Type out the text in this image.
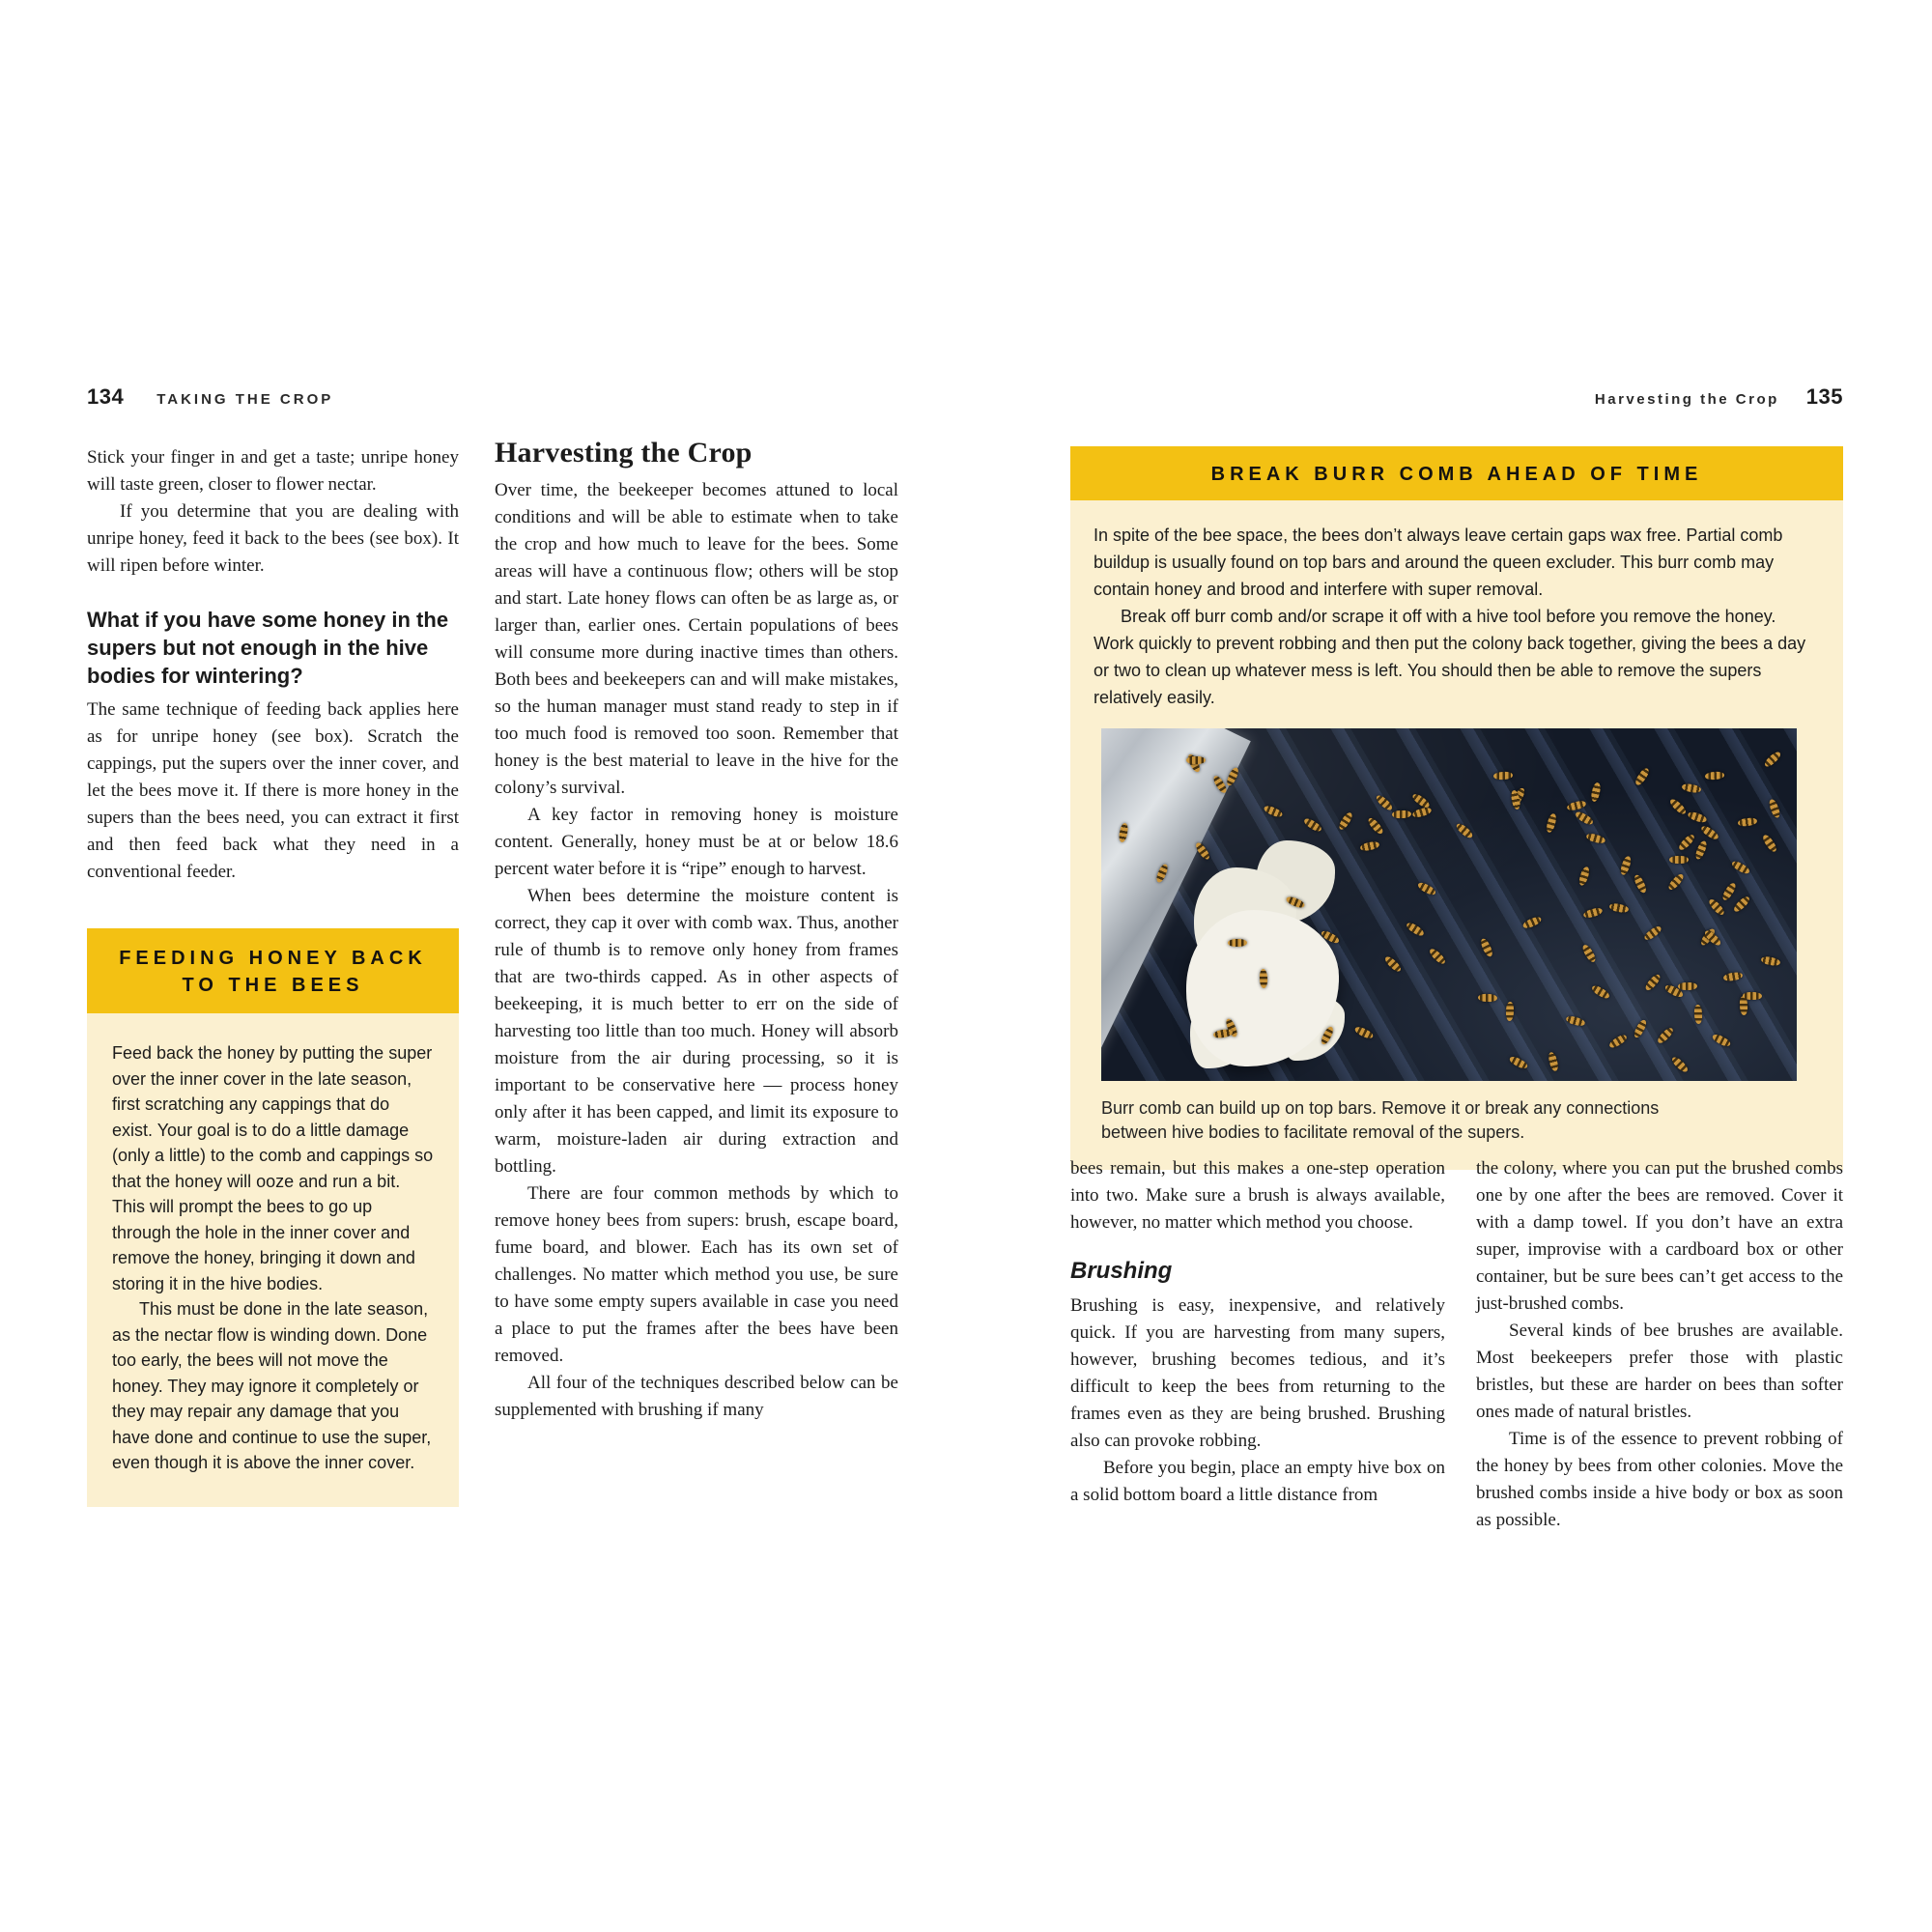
134 TAKING THE CROP	Harvesting the Crop 135

Stick your finger in and get a taste; unripe honey will taste green, closer to flower nectar.

If you determine that you are dealing with unripe honey, feed it back to the bees (see box). It will ripen before winter.

What if you have some honey in the supers but not enough in the hive bodies for wintering?

The same technique of feeding back applies here as for unripe honey (see box). Scratch the cappings, put the supers over the inner cover, and let the bees move it. If there is more honey in the supers than the bees need, you can extract it first and then feed back what they need in a conventional feeder.

FEEDING HONEY BACK
TO THE BEES

Feed back the honey by putting the super over the inner cover in the late season, first scratching any cappings that do exist. Your goal is to do a little damage (only a little) to the comb and cappings so that the honey will ooze and run a bit. This will prompt the bees to go up through the hole in the inner cover and remove the honey, bringing it down and storing it in the hive bodies.

This must be done in the late season, as the nectar flow is winding down. Done too early, the bees will not move the honey. They may ignore it completely or they may repair any damage that you have done and continue to use the super, even though it is above the inner cover.

Harvesting the Crop

Over time, the beekeeper becomes attuned to local conditions and will be able to estimate when to take the crop and how much to leave for the bees. Some areas will have a continuous flow; others will be stop and start. Late honey flows can often be as large as, or larger than, earlier ones. Certain populations of bees will consume more during inactive times than others. Both bees and beekeepers can and will make mistakes, so the human manager must stand ready to step in if too much food is removed too soon. Remember that honey is the best material to leave in the hive for the colony’s survival.

A key factor in removing honey is moisture content. Generally, honey must be at or below 18.6 percent water before it is “ripe” enough to harvest.

When bees determine the moisture content is correct, they cap it over with comb wax. Thus, another rule of thumb is to remove only honey from frames that are two-thirds capped. As in other aspects of beekeeping, it is much better to err on the side of harvesting too little than too much. Honey will absorb moisture from the air during processing, so it is important to be conservative here — process honey only after it has been capped, and limit its exposure to warm, moisture-laden air during extraction and bottling.

There are four common methods by which to remove honey bees from supers: brush, escape board, fume board, and blower. Each has its own set of challenges. No matter which method you use, be sure to have some empty supers available in case you need a place to put the frames after the bees have been removed.

All four of the techniques described below can be supplemented with brushing if many

BREAK BURR COMB AHEAD OF TIME

In spite of the bee space, the bees don’t always leave certain gaps wax free. Partial comb buildup is usually found on top bars and around the queen excluder. This burr comb may contain honey and brood and interfere with super removal.

Break off burr comb and/or scrape it off with a hive tool before you remove the honey. Work quickly to prevent robbing and then put the colony back together, giving the bees a day or two to clean up whatever mess is left. You should then be able to remove the supers relatively easily.

Burr comb can build up on top bars. Remove it or break any connections between hive bodies to facilitate removal of the supers.

bees remain, but this makes a one-step operation into two. Make sure a brush is always available, however, no matter which method you choose.

Brushing

Brushing is easy, inexpensive, and relatively quick. If you are harvesting from many supers, however, brushing becomes tedious, and it’s difficult to keep the bees from returning to the frames even as they are being brushed. Brushing also can provoke robbing.

Before you begin, place an empty hive box on a solid bottom board a little distance from

the colony, where you can put the brushed combs one by one after the bees are removed. Cover it with a damp towel. If you don’t have an extra super, improvise with a cardboard box or other container, but be sure bees can’t get access to the just-brushed combs.

Several kinds of bee brushes are available. Most beekeepers prefer those with plastic bristles, but these are harder on bees than softer ones made of natural bristles.

Time is of the essence to prevent robbing of the honey by bees from other colonies. Move the brushed combs inside a hive body or box as soon as possible.
